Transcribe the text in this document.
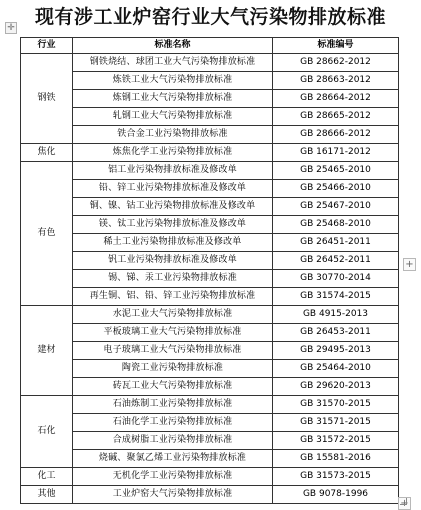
现有涉工业炉窑行业大气污染物排放标准
✛
行业	标准名称	标准编号
钢铁	钢铁烧结、球团工业大气污染物排放标准	GB 28662-2012
	炼铁工业大气污染物排放标准	GB 28663-2012
	炼钢工业大气污染物排放标准	GB 28664-2012
	轧钢工业大气污染物排放标准	GB 28665-2012
	铁合金工业污染物排放标准	GB 28666-2012
焦化	炼焦化学工业污染物排放标准	GB 16171-2012
有色	铝工业污染物排放标准及修改单	GB 25465-2010
	铅、锌工业污染物排放标准及修改单	GB 25466-2010
	铜、镍、钴工业污染物排放标准及修改单	GB 25467-2010
	镁、钛工业污染物排放标准及修改单	GB 25468-2010
	稀土工业污染物排放标准及修改单	GB 26451-2011
	钒工业污染物排放标准及修改单	GB 26452-2011
	锡、锑、汞工业污染物排放标准	GB 30770-2014
	再生铜、铝、铅、锌工业污染物排放标准	GB 31574-2015
建材	水泥工业大气污染物排放标准	GB 4915-2013
	平板玻璃工业大气污染物排放标准	GB 26453-2011
	电子玻璃工业大气污染物排放标准	GB 29495-2013
	陶瓷工业污染物排放标准	GB 25464-2010
	砖瓦工业大气污染物排放标准	GB 29620-2013
石化	石油炼制工业污染物排放标准	GB 31570-2015
	石油化学工业污染物排放标准	GB 31571-2015
	合成树脂工业污染物排放标准	GB 31572-2015
	烧碱、聚氯乙烯工业污染物排放标准	GB 15581-2016
化工	无机化学工业污染物排放标准	GB 31573-2015
其他	工业炉窑大气污染物排放标准	GB 9078-1996
+
+
